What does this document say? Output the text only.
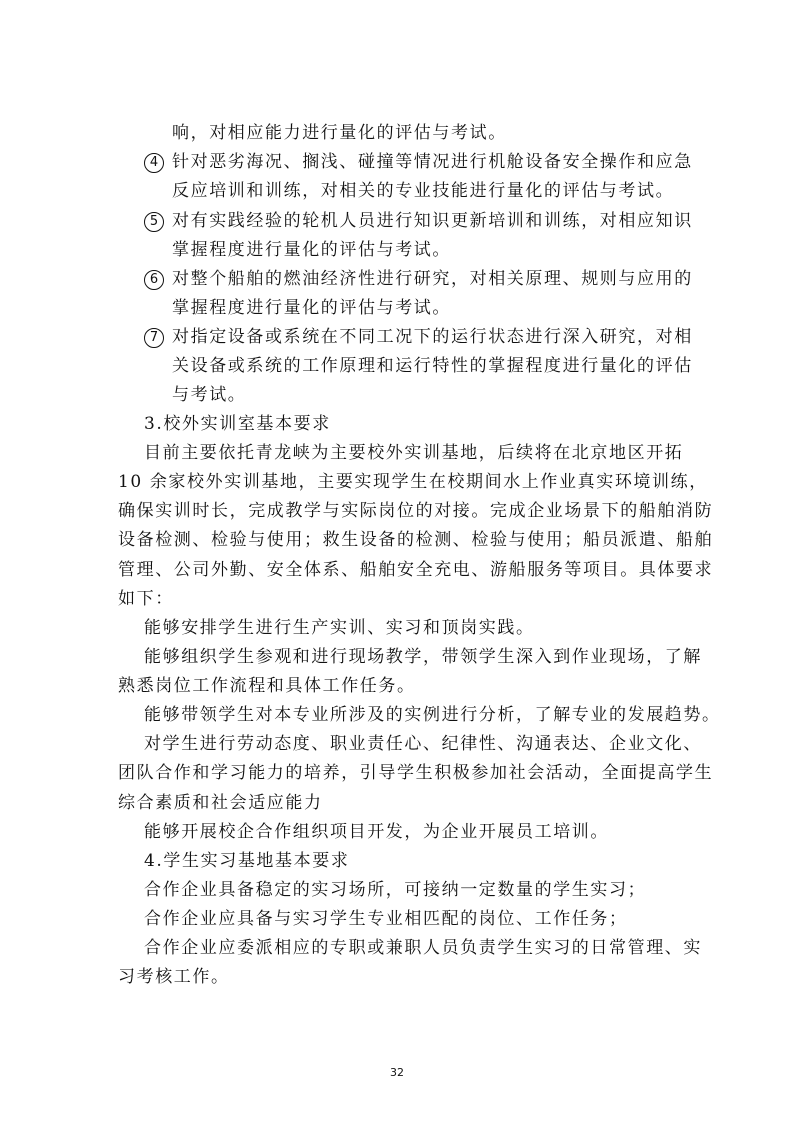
响，对相应能力进行量化的评估与考试。
4 针对恶劣海况、搁浅、碰撞等情况进行机舱设备安全操作和应急
反应培训和训练，对相关的专业技能进行量化的评估与考试。
5 对有实践经验的轮机人员进行知识更新培训和训练，对相应知识
掌握程度进行量化的评估与考试。
6 对整个船舶的燃油经济性进行研究，对相关原理、规则与应用的
掌握程度进行量化的评估与考试。
7 对指定设备或系统在不同工况下的运行状态进行深入研究，对相
关设备或系统的工作原理和运行特性的掌握程度进行量化的评估
与考试。
3.校外实训室基本要求
目前主要依托青龙峡为主要校外实训基地，后续将在北京地区开拓
10 余家校外实训基地，主要实现学生在校期间水上作业真实环境训练，
确保实训时长，完成教学与实际岗位的对接。完成企业场景下的船舶消防
设备检测、检验与使用；救生设备的检测、检验与使用；船员派遣、船舶
管理、公司外勤、安全体系、船舶安全充电、游船服务等项目。具体要求
如下：
能够安排学生进行生产实训、实习和顶岗实践。
能够组织学生参观和进行现场教学，带领学生深入到作业现场，了解
熟悉岗位工作流程和具体工作任务。
能够带领学生对本专业所涉及的实例进行分析，了解专业的发展趋势。
对学生进行劳动态度、职业责任心、纪律性、沟通表达、企业文化、
团队合作和学习能力的培养，引导学生积极参加社会活动，全面提高学生
综合素质和社会适应能力
能够开展校企合作组织项目开发，为企业开展员工培训。
4.学生实习基地基本要求
合作企业具备稳定的实习场所，可接纳一定数量的学生实习；
合作企业应具备与实习学生专业相匹配的岗位、工作任务；
合作企业应委派相应的专职或兼职人员负责学生实习的日常管理、实
习考核工作。
32
